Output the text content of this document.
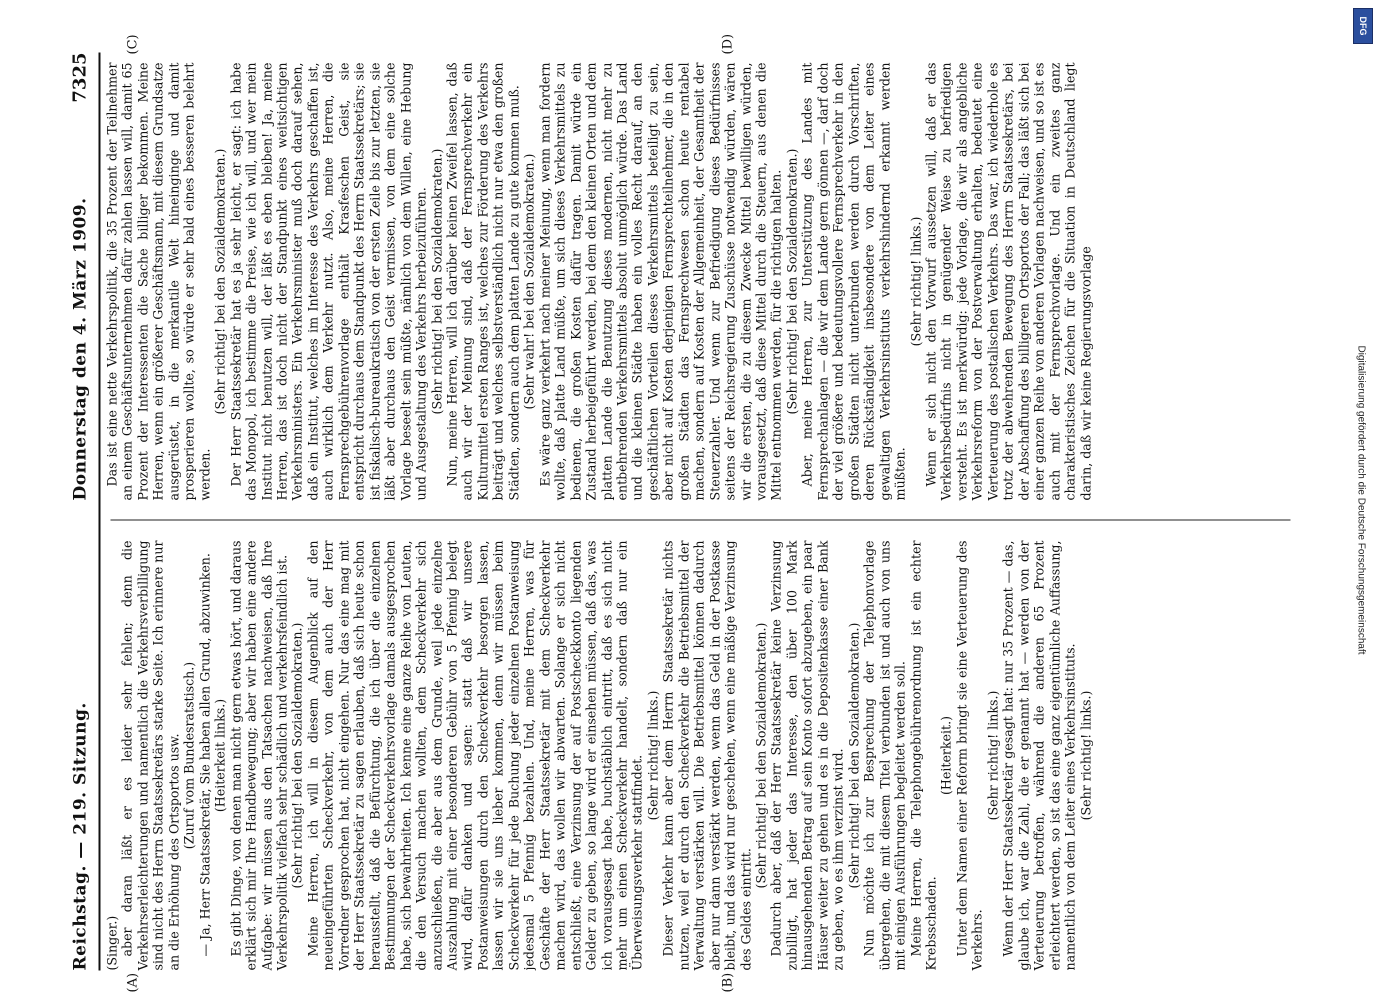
Reichstag. — 219. Sitzung.
Donnerstag den 4. März 1909.
7325
(A)	(B)
(C)	(D)

(Singer.) aber daran läßt er es leider sehr fehlen; denn die Verkehrserleichterungen und namentlich die Verkehrsverbilligung sind nicht des Herrn Staatssekretärs starke Seite. Ich erinnere nur an die Erhöhung des Ortsportos usw. (Zuruf vom Bundesratstisch.) — Ja, Herr Staatssekretär, Sie haben allen Grund, abzuwinken. (Heiterkeit links.) Es gibt Dinge, von denen man nicht gern etwas hört, und daraus erklärt sich mir Ihre Handbewegung; aber wir haben eine andere Aufgabe: wir müssen aus den Tatsachen nachweisen, daß Ihre Verkehrspolitik vielfach sehr schädlich und verkehrsfeindlich ist. (Sehr richtig! bei den Sozialdemokraten.) Meine Herren, ich will in diesem Augenblick auf den neueingeführten Scheckverkehr, von dem auch der Herr Vorredner gesprochen hat, nicht eingehen. Nur das eine mag mit der Herr Staatssekretär zu sagen erlauben, daß sich heute schon herausstellt, daß die Befürchtung, die ich über die einzelnen Bestimmungen der Scheckverkehrsvorlage damals ausgesprochen habe, sich bewahrheiten. Ich kenne eine ganze Reihe von Leuten, die den Versuch machen wollten, dem Scheckverkehr sich anzuschließen, die aber aus dem Grunde, weil jede einzelne Auszahlung mit einer besonderen Gebühr von 5 Pfennig belegt wird, dafür danken und sagen: statt daß wir unsere Postanweisungen durch den Scheckverkehr besorgen lassen, lassen wir sie uns lieber kommen, denn wir müssen beim Scheckverkehr für jede Buchung jeder einzelnen Postanweisung jedesmal 5 Pfennig bezahlen. Und, meine Herren, was für Geschäfte der Herr Staatssekretär mit dem Scheckverkehr machen wird, das wollen wir abwarten. Solange er sich nicht entschließt, eine Verzinsung der auf Postscheckkonto liegenden Gelder zu geben, so lange wird er einsehen müssen, daß das, was ich vorausgesagt habe, buchstäblich eintritt, daß es sich nicht mehr um einen Scheckverkehr handelt, sondern daß nur ein Überweisungsverkehr stattfindet. (Sehr richtig! links.) Dieser Verkehr kann aber dem Herrn Staatssekretär nichts nutzen, weil er durch den Scheckverkehr die Betriebsmittel der Verwaltung verstärken will. Die Betriebsmittel können dadurch aber nur dann verstärkt werden, wenn das Geld in der Postkasse bleibt, und das wird nur geschehen, wenn eine mäßige Verzinsung des Geldes eintritt.

(Sehr richtig! bei den Sozialdemokraten.) Dadurch aber, daß der Herr Staatssekretär keine Verzinsung zubilligt, hat jeder das Interesse, den über 100 Mark hinausgehenden Betrag auf sein Konto sofort abzugeben, ein paar Häuser weiter zu gehen und es in die Depositenkasse einer Bank zu geben, wo es ihm verzinst wird. (Sehr richtig! bei den Sozialdemokraten.) Nun möchte ich zur Besprechung der Telephonvorlage übergehen, die mit diesem Titel verbunden ist und auch von uns mit einigen Ausführungen begleitet werden soll. Meine Herren, die Telephongebührenordnung ist ein echter Krebsschaden.

(Heiterkeit.) Unter dem Namen einer Reform bringt sie eine Verteuerung des Verkehrs.

(Sehr richtig! links.) Wenn der Herr Staatssekretär gesagt hat: nur 35 Prozent — das, glaube ich, war die Zahl, die er genannt hat — werden von der Verteuerung betroffen, während die anderen 65 Prozent erleichtert werden, so ist das eine ganz eigentümliche Auffassung, namentlich von dem Leiter eines Verkehrsinstituts. (Sehr richtig! links.)

Das ist eine nette Verkehrspolitik, die 35 Prozent der Teilnehmer an einem Geschäftsunternehmen dafür zahlen lassen will, damit 65 Prozent der Interessenten die Sache billiger bekommen. Meine Herren, wenn ein größerer Geschäftsmann, mit diesem Grundsatze ausgerüstet, in die merkantile Welt hineinginge und damit prosperieren wollte, so würde er sehr bald eines besseren belehrt werden.

(Sehr richtig! bei den Sozialdemokraten.) Der Herr Staatssekretär hat es ja sehr leicht, er sagt: ich habe das Monopol, ich bestimme die Preise, wie ich will, und wer mein Institut nicht benutzen will, der läßt es eben bleiben! Ja, meine Herren, das ist doch nicht der Standpunkt eines weitsichtigen Verkehrsministers. Ein Verkehrsminister muß doch darauf sehen, daß ein Institut, welches im Interesse des Verkehrs geschaffen ist, auch wirklich dem Verkehr nutzt. Also, meine Herren, die Fernsprechgebührenvorlage enthält Krasfeschen Geist, sie entspricht durchaus dem Standpunkt des Herrn Staatssekretärs; sie ist fiskalisch-bureaukratisch von der ersten Zeile bis zur letzten, sie läßt aber durchaus den Geist vermissen, von dem eine solche Vorlage beseelt sein müßte, nämlich von dem Willen, eine Hebung und Ausgestaltung des Verkehrs herbeizuführen. (Sehr richtig! bei den Sozialdemokraten.) Nun, meine Herren, will ich darüber keinen Zweifel lassen, daß auch wir der Meinung sind, daß der Fernsprechverkehr ein Kulturmittel ersten Ranges ist, welches zur Förderung des Verkehrs beiträgt und welches selbstverständlich nicht nur etwa den großen Städten, sondern auch dem platten Lande zu gute kommen muß. (Sehr wahr! bei den Sozialdemokraten.) Es wäre ganz verkehrt nach meiner Meinung, wenn man fordern wollte, daß platte Land müßte, um sich dieses Verkehrsmittels zu bedienen, die großen Kosten dafür tragen. Damit würde ein Zustand herbeigeführt werden, bei dem den kleinen Orten und dem platten Lande die Benutzung dieses modernen, nicht mehr zu entbehrenden Verkehrsmittels absolut unmöglich würde. Das Land und die kleinen Städte haben ein volles Recht darauf, an den geschäftlichen Vorteilen dieses Verkehrsmittels beteiligt zu sein, aber nicht auf Kosten derjenigen Fernsprechteilnehmer, die in den großen Städten das Fernsprechwesen schon heute rentabel machen, sondern auf Kosten der Allgemeinheit, der Gesamtheit der Steuerzahler. Und wenn zur Befriedigung dieses Bedürfnisses seitens der Reichsregierung Zuschüsse notwendig würden, wären wir die ersten, die zu diesem Zwecke Mittel bewilligen würden, vorausgesetzt, daß diese Mittel durch die Steuern, aus denen die Mittel entnommen werden, für die richtigen halten. (Sehr richtig! bei den Sozialdemokraten.) Aber, meine Herren, zur Unterstützung des Landes mit Fernsprechanlagen — die wir dem Lande gern gönnen —, darf doch der viel größere und bedeutungsvollere Fernsprechverkehr in den großen Städten nicht unterbunden werden durch Vorschriften, deren Rückständigkeit insbesondere von dem Leiter eines gewaltigen Verkehrsinstituts verkehrshindernd erkannt werden müßten.

(Sehr richtig! links.) Wenn er sich nicht den Vorwurf aussetzen will, daß er das Verkehrsbedürfnis nicht in genügender Weise zu befriedigen versteht. Es ist merkwürdig: jede Vorlage, die wir als angebliche Verkehrsreform von der Postverwaltung erhalten, bedeutet eine Verteuerung des postalischen Verkehrs. Das war, ich wiederhole es trotz der abwehrenden Bewegung des Herrn Staatssekretärs, bei der Abschaffung des billigeren Ortsportos der Fall; das läßt sich bei einer ganzen Reihe von anderen Vorlagen nachweisen, und so ist es auch mit der Fernsprechvorlage. Und ein zweites ganz charakteristisches Zeichen für die Situation in Deutschland liegt darin, daß wir keine Regierungsvorlage

DFG
Digitalisierung gefördert durch die Deutsche Forschungsgemeinschaft
